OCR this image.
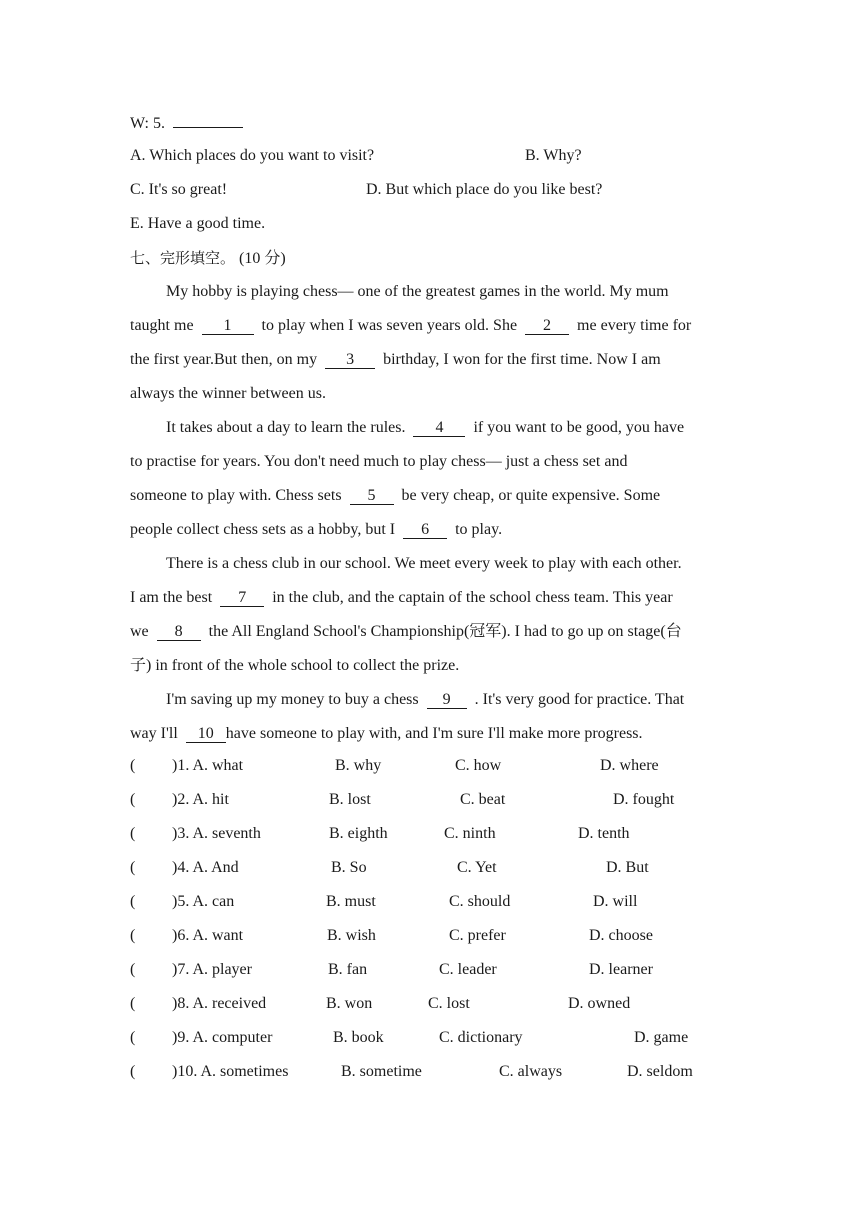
W: 5.
A. Which places do you want to visit?	B. Why?
C. It's so great!	D. But which place do you like best?
E. Have a good time.
七、完形填空。 (10 分)
My hobby is playing chess— one of the greatest games in the world. My mum
taught me 1 to play when I was seven years old. She 2 me every time for
the first year.But then, on my 3 birthday, I won for the first time. Now I am
always the winner between us.
It takes about a day to learn the rules. 4 if you want to be good, you have
to practise for years. You don't need much to play chess— just a chess set and
someone to play with. Chess sets 5 be very cheap, or quite expensive. Some
people collect chess sets as a hobby, but I 6 to play.
There is a chess club in our school. We meet every week to play with each other.
I am the best 7 in the club, and the captain of the school chess team. This year
we 8 the All England School's Championship(冠军). I had to go up on stage(台
子) in front of the whole school to collect the prize.
I'm saving up my money to buy a chess 9 . It's very good for practice. That
way I'll 10 have someone to play with, and I'm sure I'll make more progress.
( )1. A. what	B. why	C. how	D. where
( )2. A. hit	B. lost	C. beat	D. fought
( )3. A. seventh	B. eighth	C. ninth	D. tenth
( )4. A. And	B. So	C. Yet	D. But
( )5. A. can	B. must	C. should	D. will
( )6. A. want	B. wish	C. prefer	D. choose
( )7. A. player	B. fan	C. leader	D. learner
( )8. A. received	B. won	C. lost	D. owned
( )9. A. computer	B. book	C. dictionary	D. game
( )10. A. sometimes	B. sometime	C. always	D. seldom
